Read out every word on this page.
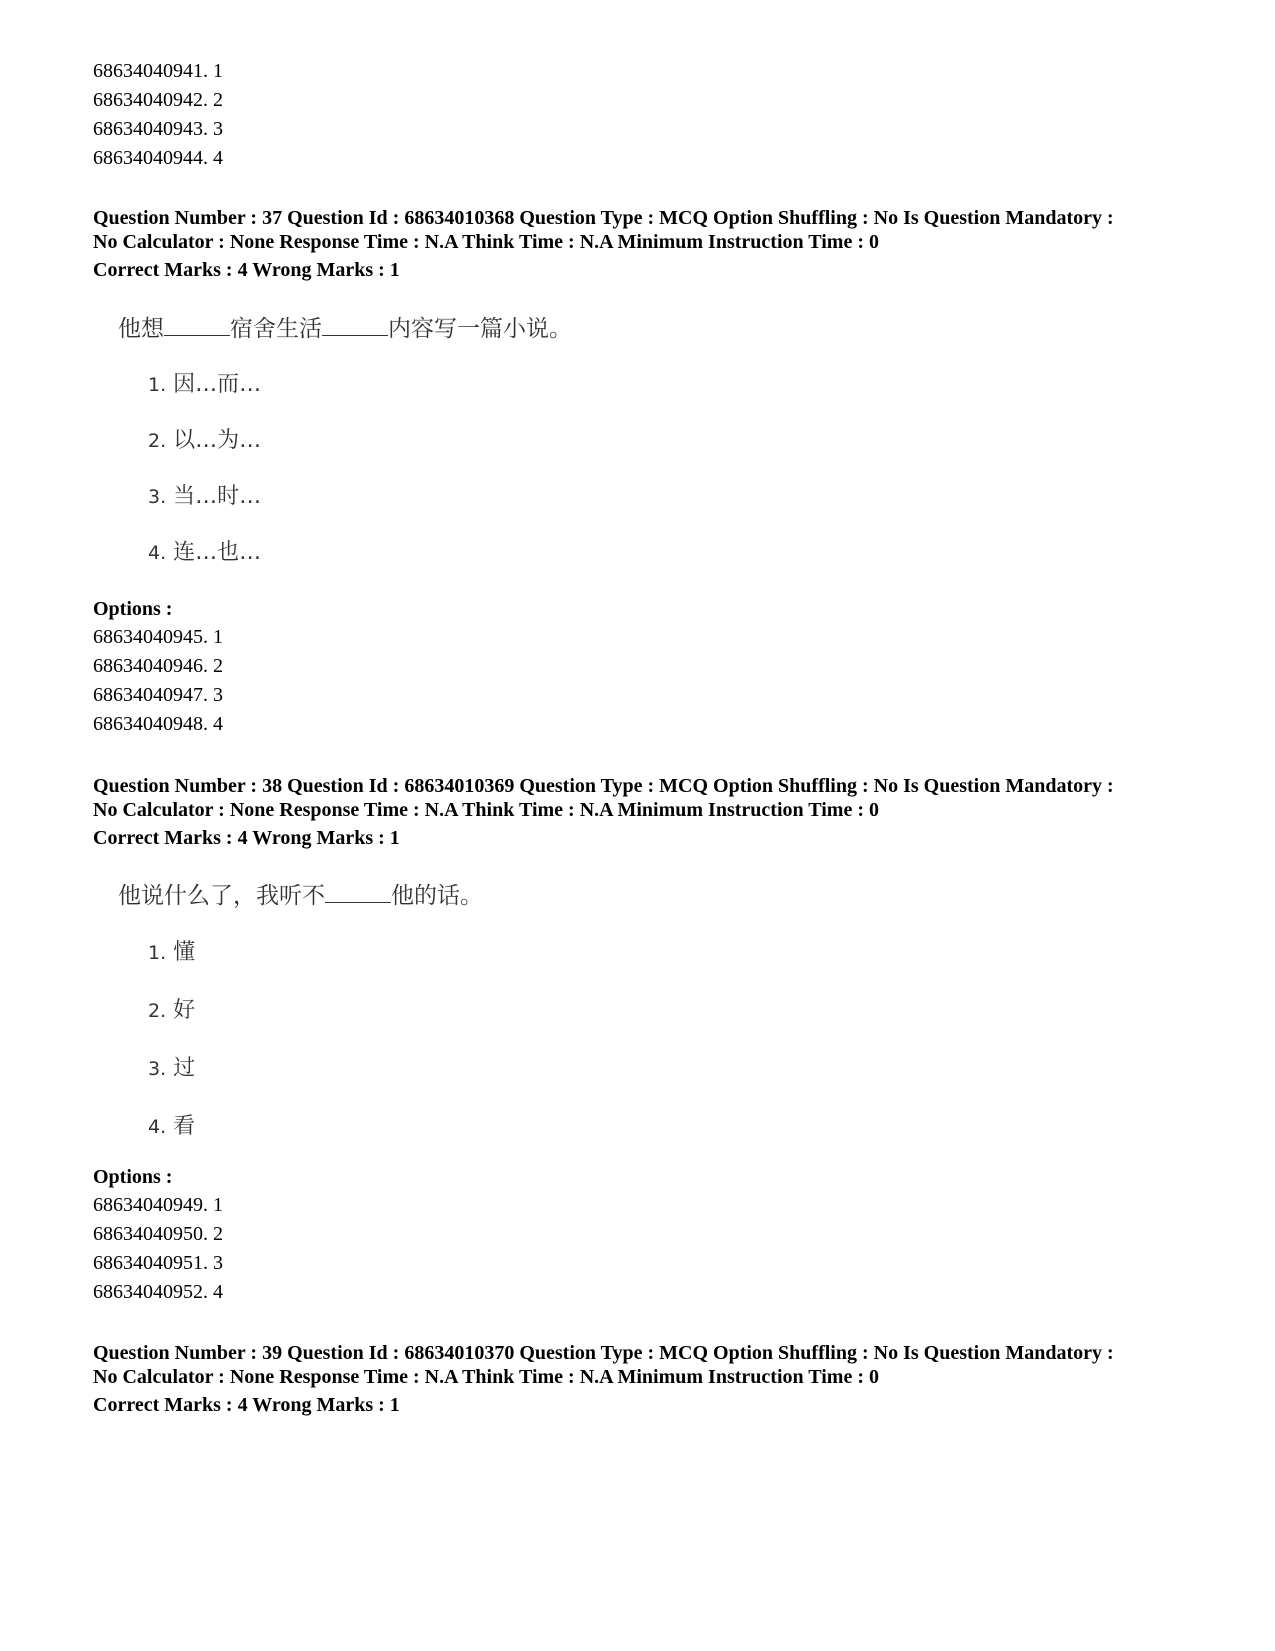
68634040941. 1
68634040942. 2
68634040943. 3
68634040944. 4
Question Number : 37 Question Id : 68634010368 Question Type : MCQ Option Shuffling : No Is Question Mandatory :
No Calculator : None Response Time : N.A Think Time : N.A Minimum Instruction Time : 0
Correct Marks : 4 Wrong Marks : 1
他想	宿舍生活	内容写一篇小说。
1. 因…而…
2. 以…为…
3. 当…时…
4. 连…也…
Options :
68634040945. 1
68634040946. 2
68634040947. 3
68634040948. 4
Question Number : 38 Question Id : 68634010369 Question Type : MCQ Option Shuffling : No Is Question Mandatory :
No Calculator : None Response Time : N.A Think Time : N.A Minimum Instruction Time : 0
Correct Marks : 4 Wrong Marks : 1
他说什么了，我听不	他的话。
1. 懂
2. 好
3. 过
4. 看
Options :
68634040949. 1
68634040950. 2
68634040951. 3
68634040952. 4
Question Number : 39 Question Id : 68634010370 Question Type : MCQ Option Shuffling : No Is Question Mandatory :
No Calculator : None Response Time : N.A Think Time : N.A Minimum Instruction Time : 0
Correct Marks : 4 Wrong Marks : 1
